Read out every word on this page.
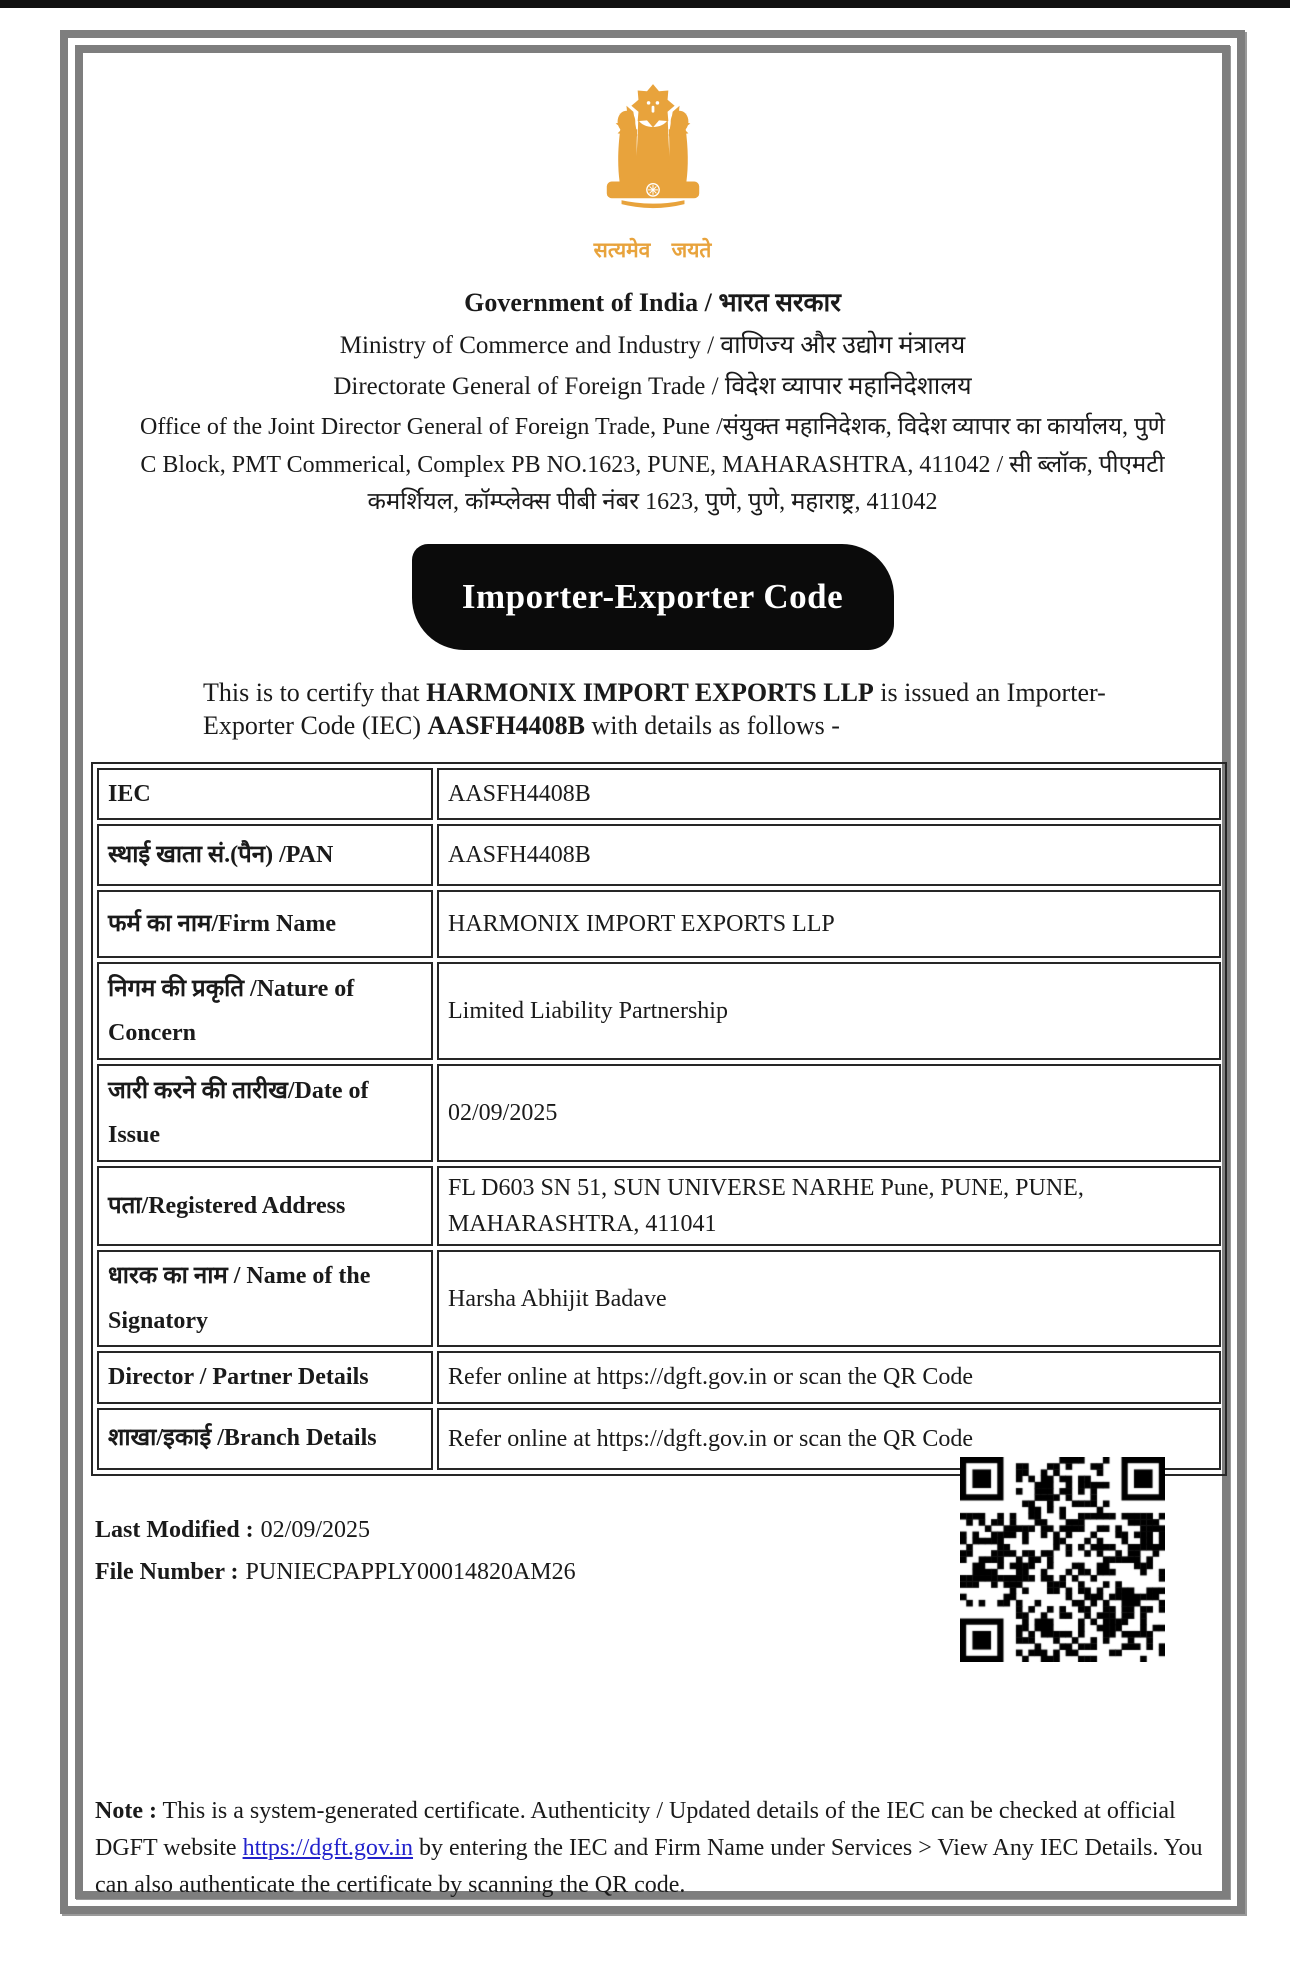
सत्यमेव जयते
Government of India / भारत सरकार
Ministry of Commerce and Industry / वाणिज्य और उद्योग मंत्रालय
Directorate General of Foreign Trade / विदेश व्यापार महानिदेशालय
Office of the Joint Director General of Foreign Trade, Pune /संयुक्त महानिदेशक, विदेश व्यापार का कार्यालय, पुणे
C Block, PMT Commerical, Complex PB NO.1623, PUNE, MAHARASHTRA, 411042 / सी ब्लॉक, पीएमटी
कमर्शियल, कॉम्प्लेक्स पीबी नंबर 1623, पुणे, पुणे, महाराष्ट्र, 411042
Importer-Exporter Code

This is to certify that HARMONIX IMPORT EXPORTS LLP is issued an Importer-Exporter Code (IEC) AASFH4408B with details as follows -

IEC	AASFH4408B
स्थाई खाता सं.(पैन) /PAN	AASFH4408B
फर्म का नाम/Firm Name	HARMONIX IMPORT EXPORTS LLP
निगम की प्रकृति /Nature of Concern	Limited Liability Partnership
जारी करने की तारीख/Date of Issue	02/09/2025
पता/Registered Address	FL D603 SN 51, SUN UNIVERSE NARHE Pune, PUNE, PUNE, MAHARASHTRA, 411041
धारक का नाम / Name of the Signatory	Harsha Abhijit Badave
Director / Partner Details	Refer online at https://dgft.gov.in or scan the QR Code
शाखा/इकाई /Branch Details	Refer online at https://dgft.gov.in or scan the QR Code
Last Modified : 02/09/2025
File Number : PUNIECPAPPLY00014820AM26

Note : This is a system-generated certificate. Authenticity / Updated details of the IEC can be checked at official DGFT website https://dgft.gov.in by entering the IEC and Firm Name under Services > View Any IEC Details. You can also authenticate the certificate by scanning the QR code.
